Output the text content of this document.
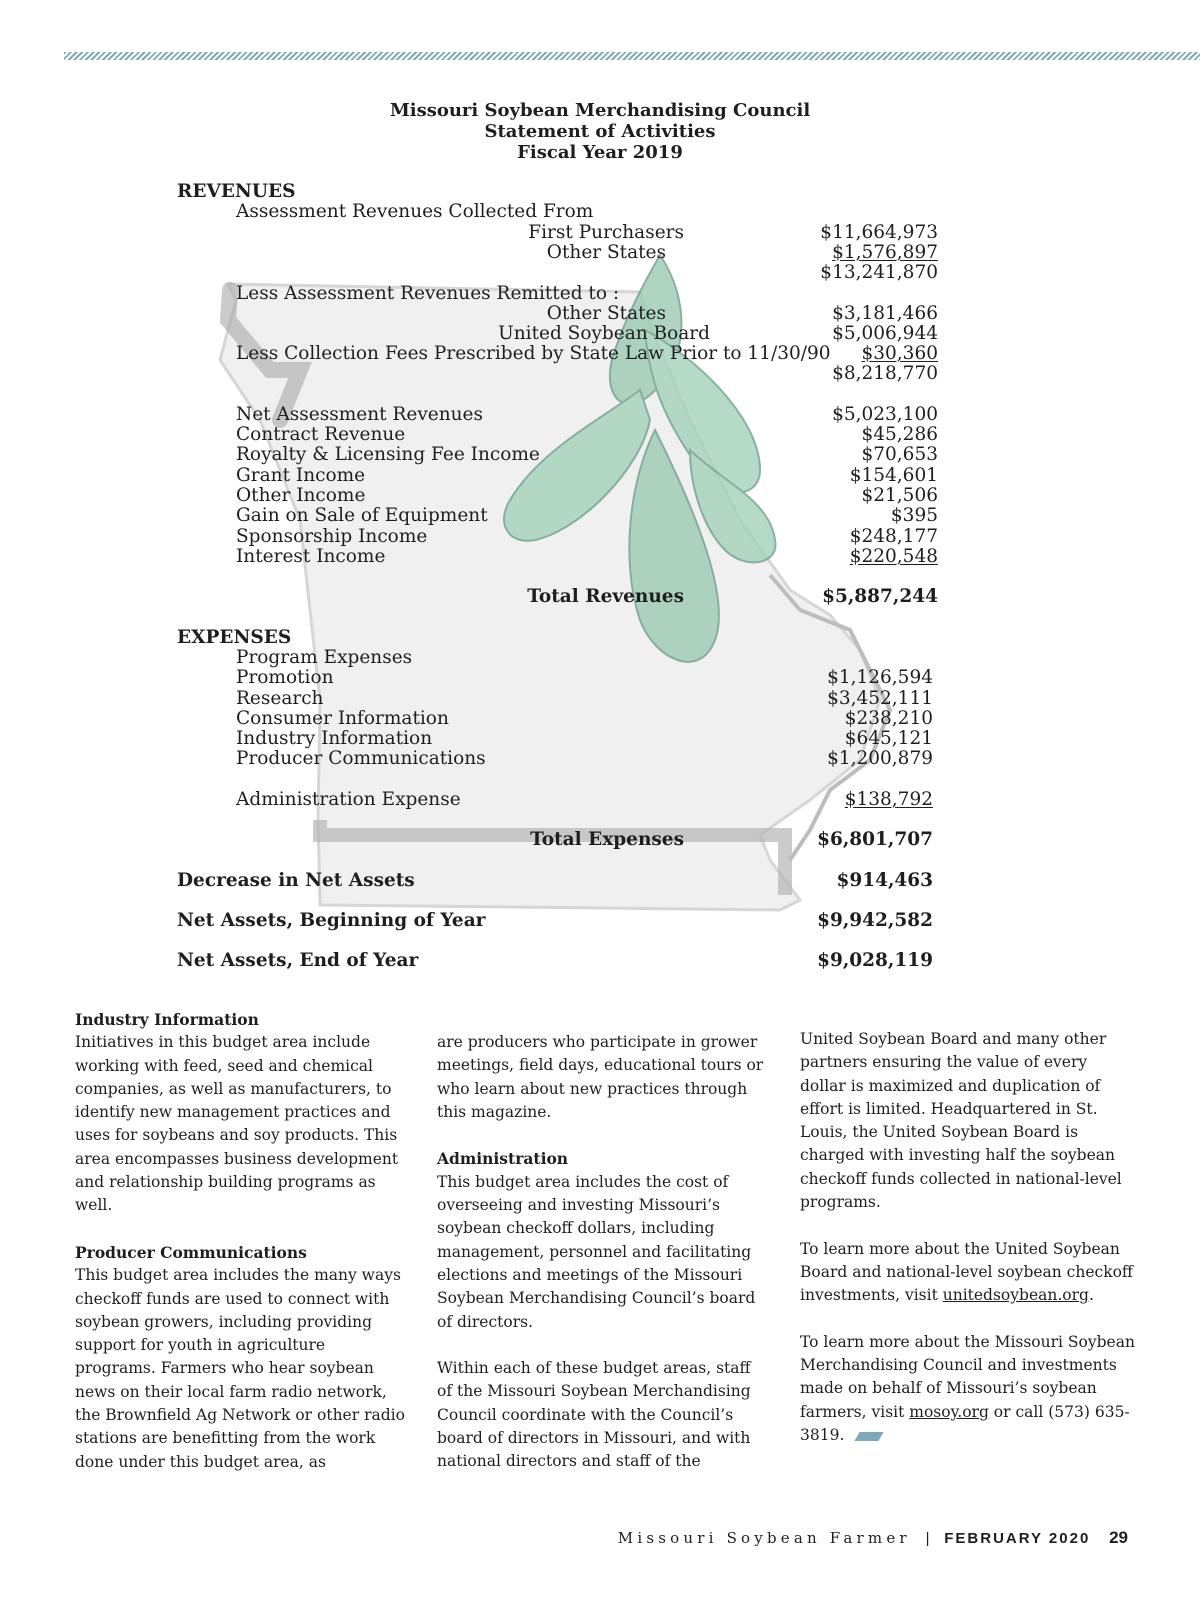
Missouri Soybean Merchandising Council
Statement of Activities
Fiscal Year 2019
REVENUES
Assessment Revenues Collected From
First Purchasers	$11,664,973
Other States	$1,576,897
$13,241,870
Less Assessment Revenues Remitted to :
Other States	$3,181,466
United Soybean Board	$5,006,944
Less Collection Fees Prescribed by State Law Prior to 11/30/90 $30,360
$8,218,770
Net Assessment Revenues	$5,023,100
Contract Revenue	$45,286
Royalty & Licensing Fee Income	$70,653
Grant Income	$154,601
Other Income	$21,506
Gain on Sale of Equipment	$395
Sponsorship Income	$248,177
Interest Income	$220,548
Total Revenues	$5,887,244
EXPENSES
Program Expenses
Promotion	$1,126,594
Research	$3,452,111
Consumer Information	$238,210
Industry Information	$645,121
Producer Communications	$1,200,879
Administration Expense	$138,792
Total Expenses	$6,801,707
Decrease in Net Assets	$914,463
Net Assets, Beginning of Year	$9,942,582
Net Assets, End of Year	$9,028,119

Industry Information
Initiatives in this budget area include working with feed, seed and chemical companies, as well as manufacturers, to identify new management practices and uses for soybeans and soy products. This area encompasses business development and relationship building programs as well.

Producer Communications
This budget area includes the many ways checkoff funds are used to connect with soybean growers, including providing support for youth in agriculture programs. Farmers who hear soybean news on their local farm radio network, the Brownfield Ag Network or other radio stations are benefitting from the work done under this budget area, as

are producers who participate in grower meetings, field days, educational tours or who learn about new practices through this magazine.

Administration
This budget area includes the cost of overseeing and investing Missouri’s soybean checkoff dollars, including management, personnel and facilitating elections and meetings of the Missouri Soybean Merchandising Council’s board of directors.

Within each of these budget areas, staff of the Missouri Soybean Merchandising Council coordinate with the Council’s board of directors in Missouri, and with national directors and staff of the

United Soybean Board and many other partners ensuring the value of every dollar is maximized and duplication of effort is limited. Headquartered in St. Louis, the United Soybean Board is charged with investing half the soybean checkoff funds collected in national-level programs.

To learn more about the United Soybean Board and national-level soybean checkoff investments, visit unitedsoybean.org.

To learn more about the Missouri Soybean Merchandising Council and investments made on behalf of Missouri’s soybean farmers, visit mosoy.org or call (573) 635-3819.

Missouri Soybean Farmer | FEBRUARY 2020 29
